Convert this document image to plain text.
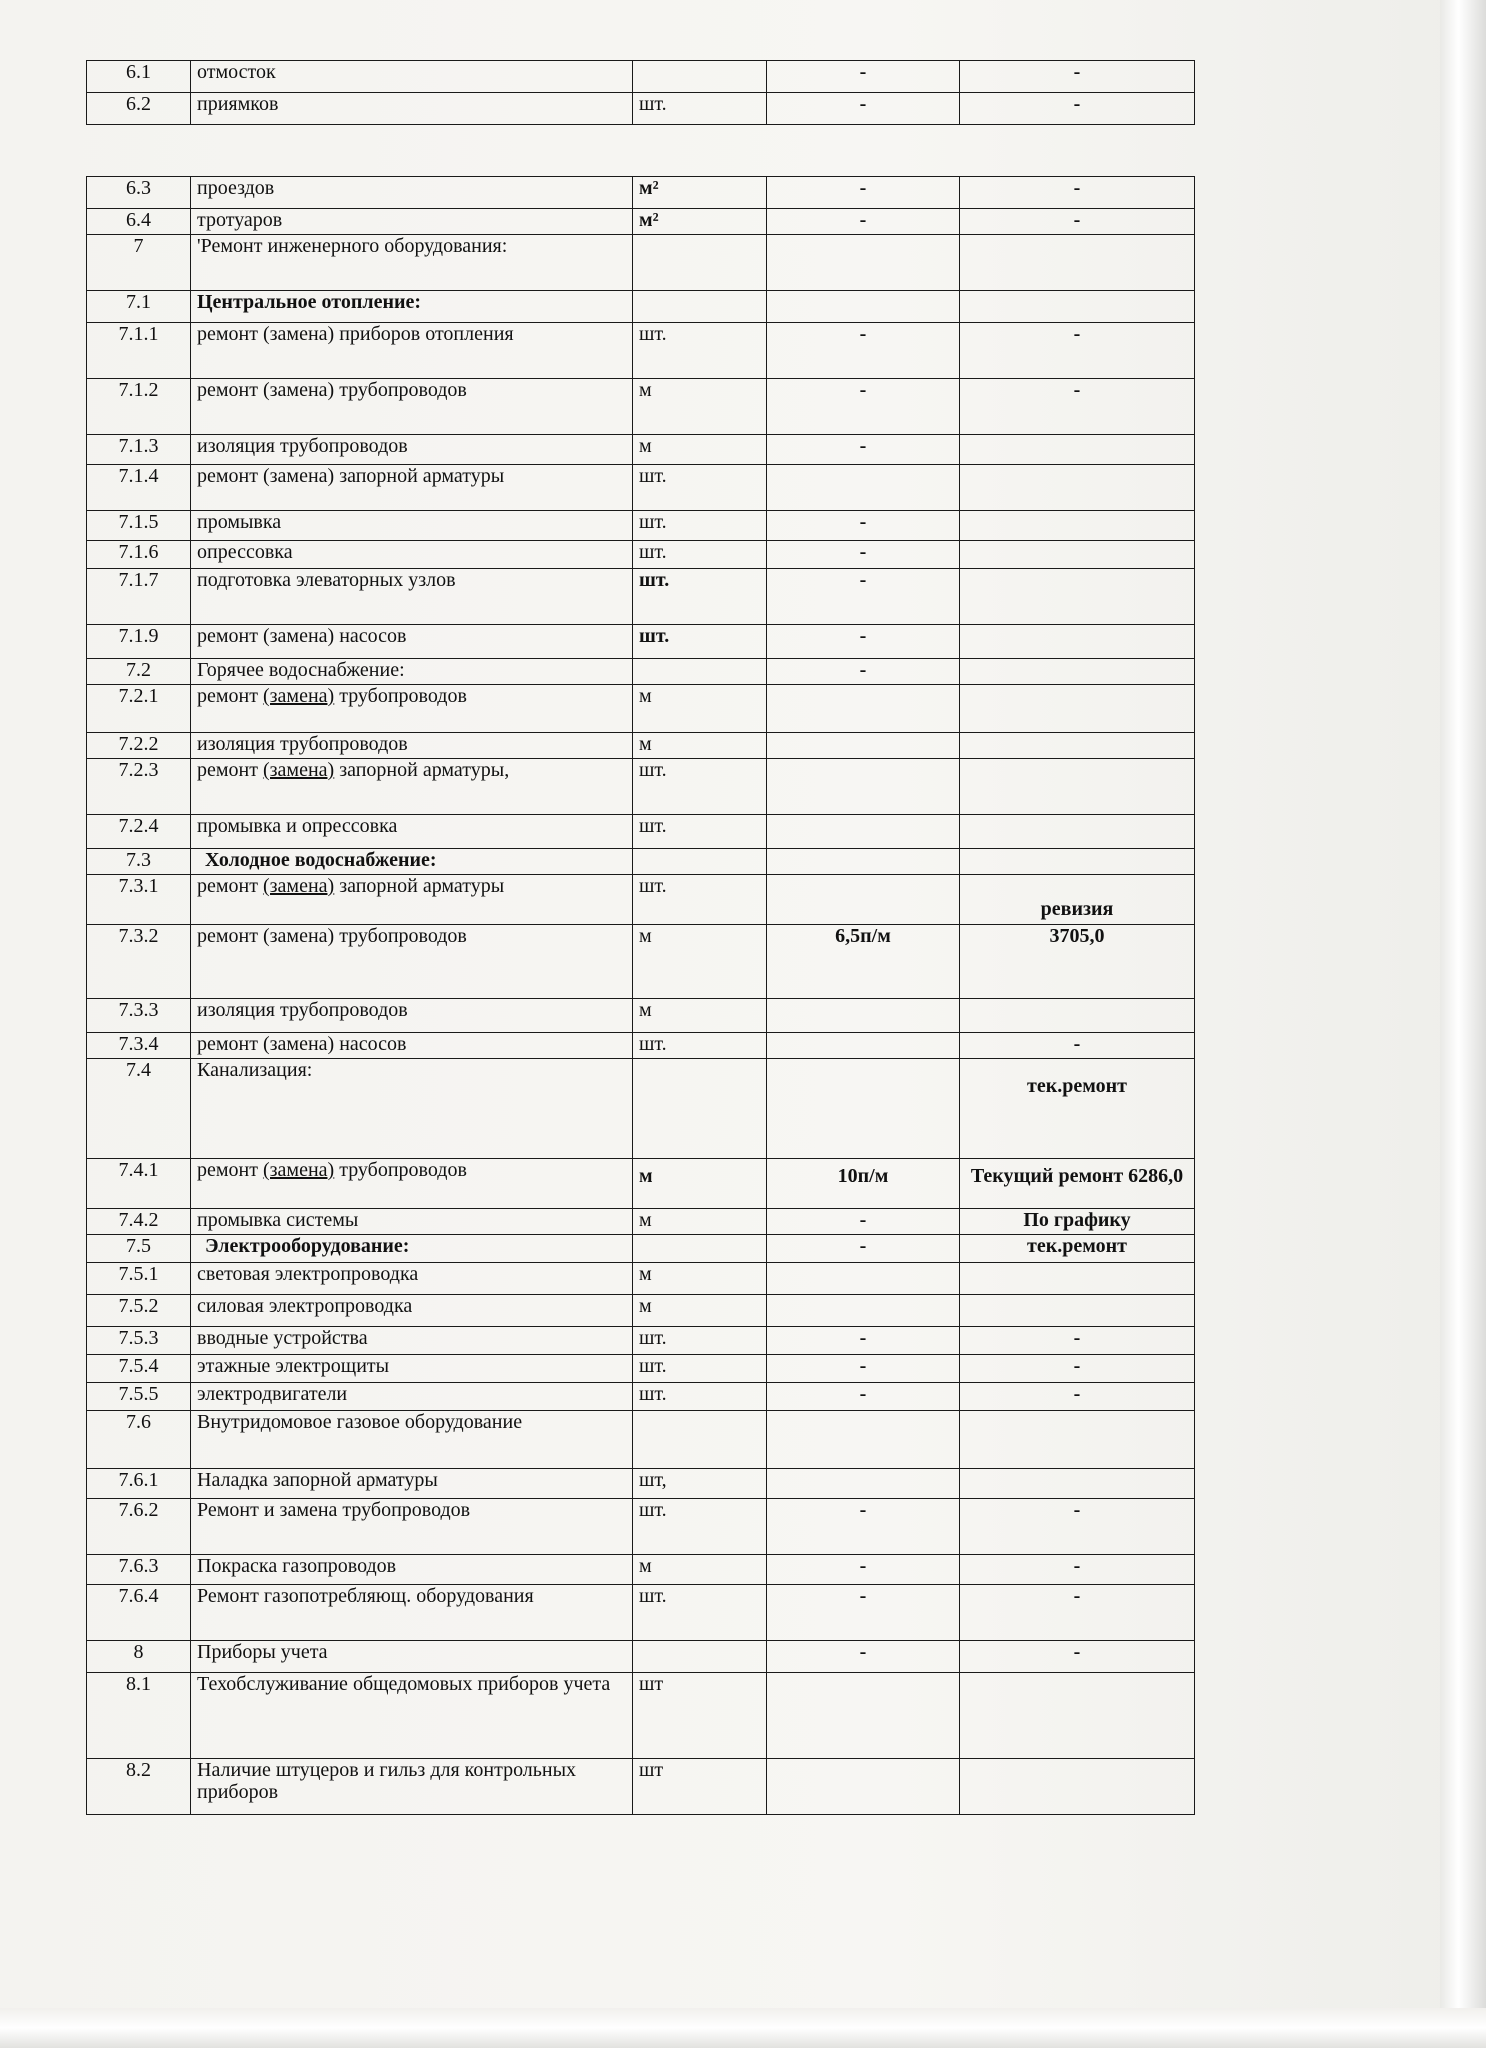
6.1	отмосток		-	-
6.2	приямков	шт.	-	-
6.3	проездов	м²	-	-
6.4	тротуаров	м²	-	-
7	'Ремонт инженерного оборудования:			
7.1	Центральное отопление:			
7.1.1	ремонт (замена) приборов отопления	шт.	-	-
7.1.2	ремонт (замена) трубопроводов	м	-	-
7.1.3	изоляция трубопроводов	м	-	
7.1.4	ремонт (замена) запорной арматуры	шт.		
7.1.5	промывка	шт.	-	
7.1.6	опрессовка	шт.	-	
7.1.7	подготовка элеваторных узлов	шт.	-	
7.1.9	ремонт (замена) насосов	шт.	-	
7.2	Горячее водоснабжение:		-	
7.2.1	ремонт (замена) трубопроводов	м		
7.2.2	изоляция трубопроводов	м		
7.2.3	ремонт (замена) запорной арматуры,	шт.		
7.2.4	промывка и опрессовка	шт.		
7.3	Холодное водоснабжение:			
7.3.1	ремонт (замена) запорной арматуры	шт.		ревизия
7.3.2	ремонт (замена) трубопроводов	м	6,5п/м	3705,0
7.3.3	изоляция трубопроводов	м		
7.3.4	ремонт (замена) насосов	шт.		-
7.4	Канализация:			тек.ремонт
7.4.1	ремонт (замена) трубопроводов	м	10п/м	Текущий ремонт 6286,0
7.4.2	промывка системы	м	-	По графику
7.5	Электрооборудование:		-	тек.ремонт
7.5.1	световая электропроводка	м		
7.5.2	силовая электропроводка	м		
7.5.3	вводные устройства	шт.	-	-
7.5.4	этажные электрощиты	шт.	-	-
7.5.5	электродвигатели	шт.	-	-
7.6	Внутридомовое газовое оборудование			
7.6.1	Наладка запорной арматуры	шт,		
7.6.2	Ремонт и замена трубопроводов	шт.	-	-
7.6.3	Покраска газопроводов	м	-	-
7.6.4	Ремонт газопотребляющ. оборудования	шт.	-	-
8	Приборы учета		-	-
8.1	Техобслуживание общедомовых приборов учета	шт		
8.2	Наличие штуцеров и гильз для контрольных приборов	шт		
